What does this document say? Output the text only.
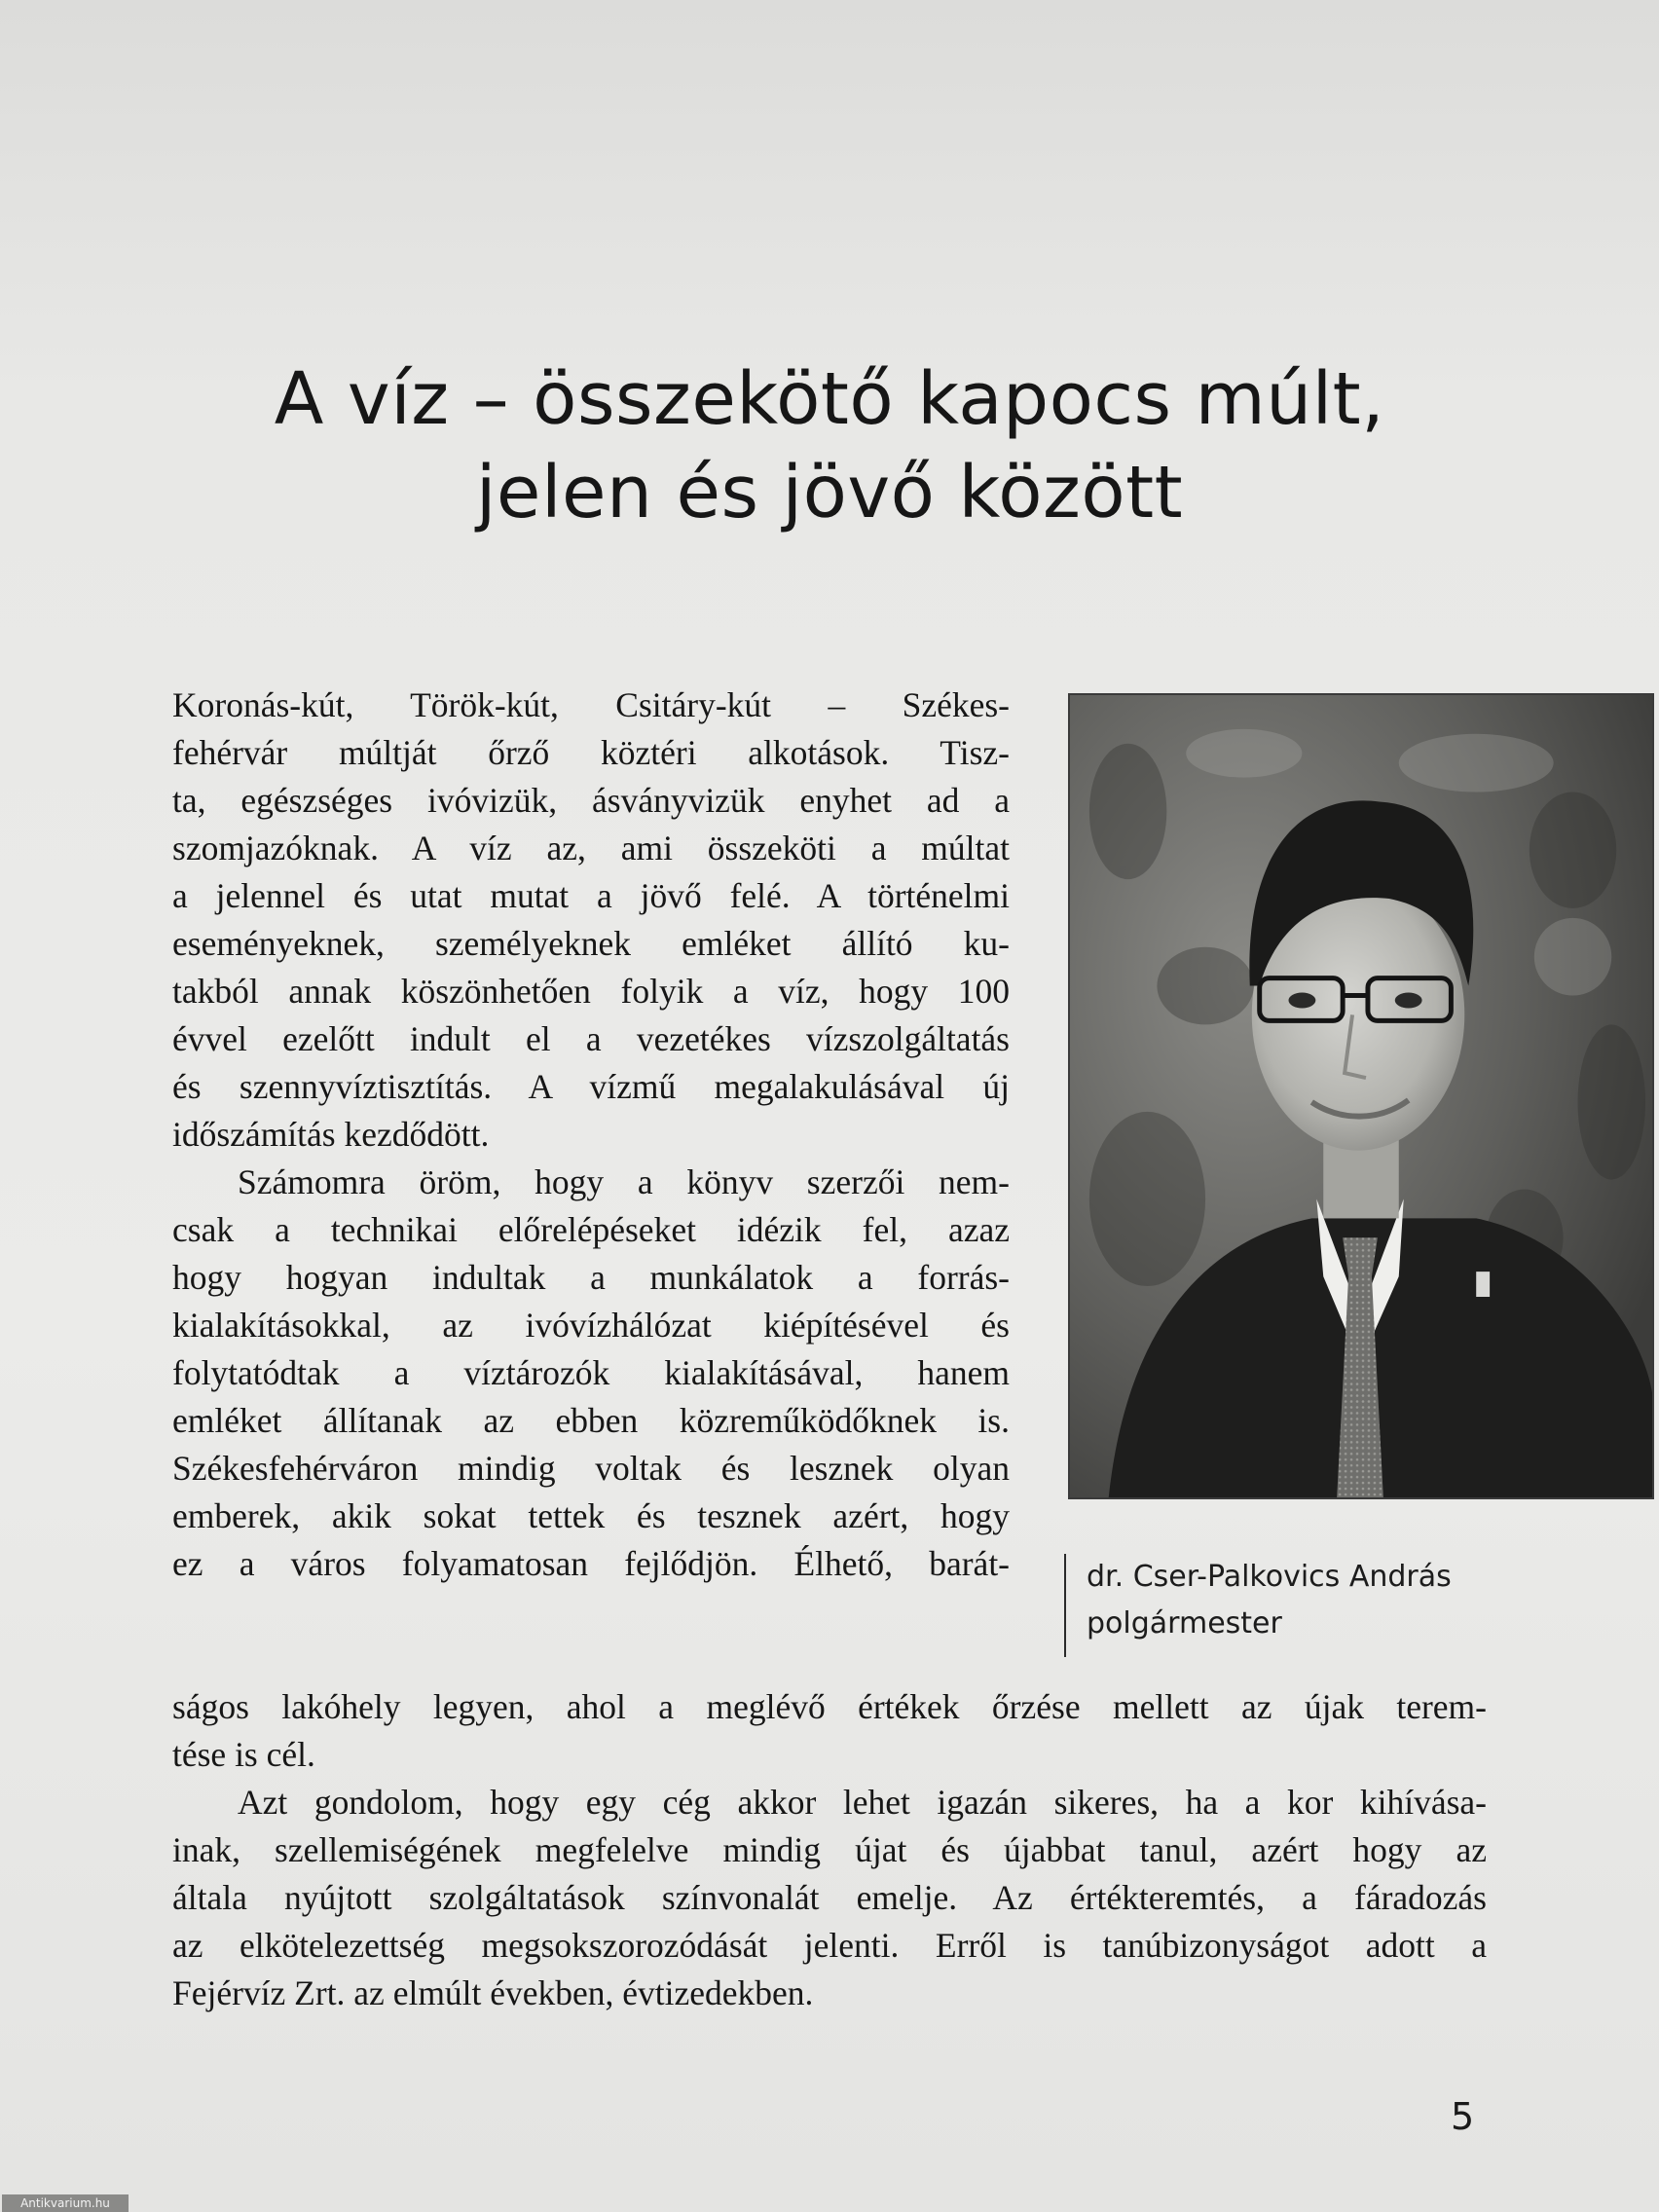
A víz – összekötő kapocs múlt,
jelen és jövő között
dr. Cser-Palkovics András
polgármester
Koronás-kút, Török-kút, Csitáry-kút – Székes-
fehérvár múltját őrző köztéri alkotások. Tisz-
ta, egészséges ivóvizük, ásványvizük enyhet ad a
szomjazóknak. A víz az, ami összeköti a múltat
a jelennel és utat mutat a jövő felé. A történelmi
eseményeknek, személyeknek emléket állító ku-
takból annak köszönhetően folyik a víz, hogy 100
évvel ezelőtt indult el a vezetékes vízszolgáltatás
és szennyvíztisztítás. A vízmű megalakulásával új
időszámítás kezdődött.
Számomra öröm, hogy a könyv szerzői nem-
csak a technikai előrelépéseket idézik fel, azaz
hogy hogyan indultak a munkálatok a forrás-
kialakításokkal, az ivóvízhálózat kiépítésével és
folytatódtak a víztározók kialakításával, hanem
emléket állítanak az ebben közreműködőknek is.
Székesfehérváron mindig voltak és lesznek olyan
emberek, akik sokat tettek és tesznek azért, hogy
ez a város folyamatosan fejlődjön. Élhető, barát-
ságos lakóhely legyen, ahol a meglévő értékek őrzése mellett az újak terem-
tése is cél.
Azt gondolom, hogy egy cég akkor lehet igazán sikeres, ha a kor kihívása-
inak, szellemiségének megfelelve mindig újat és újabbat tanul, azért hogy az
általa nyújtott szolgáltatások színvonalát emelje. Az értékteremtés, a fáradozás
az elkötelezettség megsokszorozódását jelenti. Erről is tanúbizonyságot adott a
Fejérvíz Zrt. az elmúlt években, évtizedekben.
5
Antikvarium.hu
